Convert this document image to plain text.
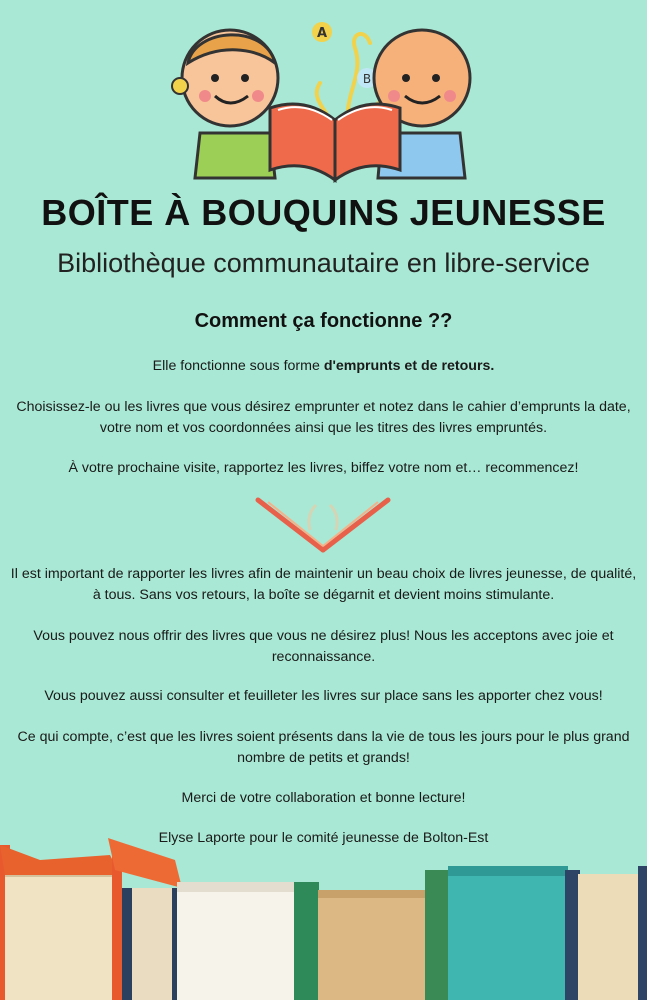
A
B
BOÎTE À BOUQUINS JEUNESSE
Bibliothèque communautaire en libre-service
Comment ça fonctionne ??
Elle fonctionne sous forme d'emprunts et de retours.
Choisissez-le ou les livres que vous désirez emprunter et notez dans le cahier d’emprunts la date, votre nom et vos coordonnées ainsi que les titres des livres empruntés.
À votre prochaine visite, rapportez les livres, biffez votre nom et… recommencez!
Il est important de rapporter les livres afin de maintenir un beau choix de livres jeunesse, de qualité, à tous. Sans vos retours, la boîte se dégarnit et devient moins stimulante.
Vous pouvez nous offrir des livres que vous ne désirez plus! Nous les acceptons avec joie et reconnaissance.
Vous pouvez aussi consulter et feuilleter les livres sur place sans les apporter chez vous!
Ce qui compte, c’est que les livres soient présents dans la vie de tous les jours pour le plus grand nombre de petits et grands!
Merci de votre collaboration et bonne lecture!
Elyse Laporte pour le comité jeunesse de Bolton-Est
